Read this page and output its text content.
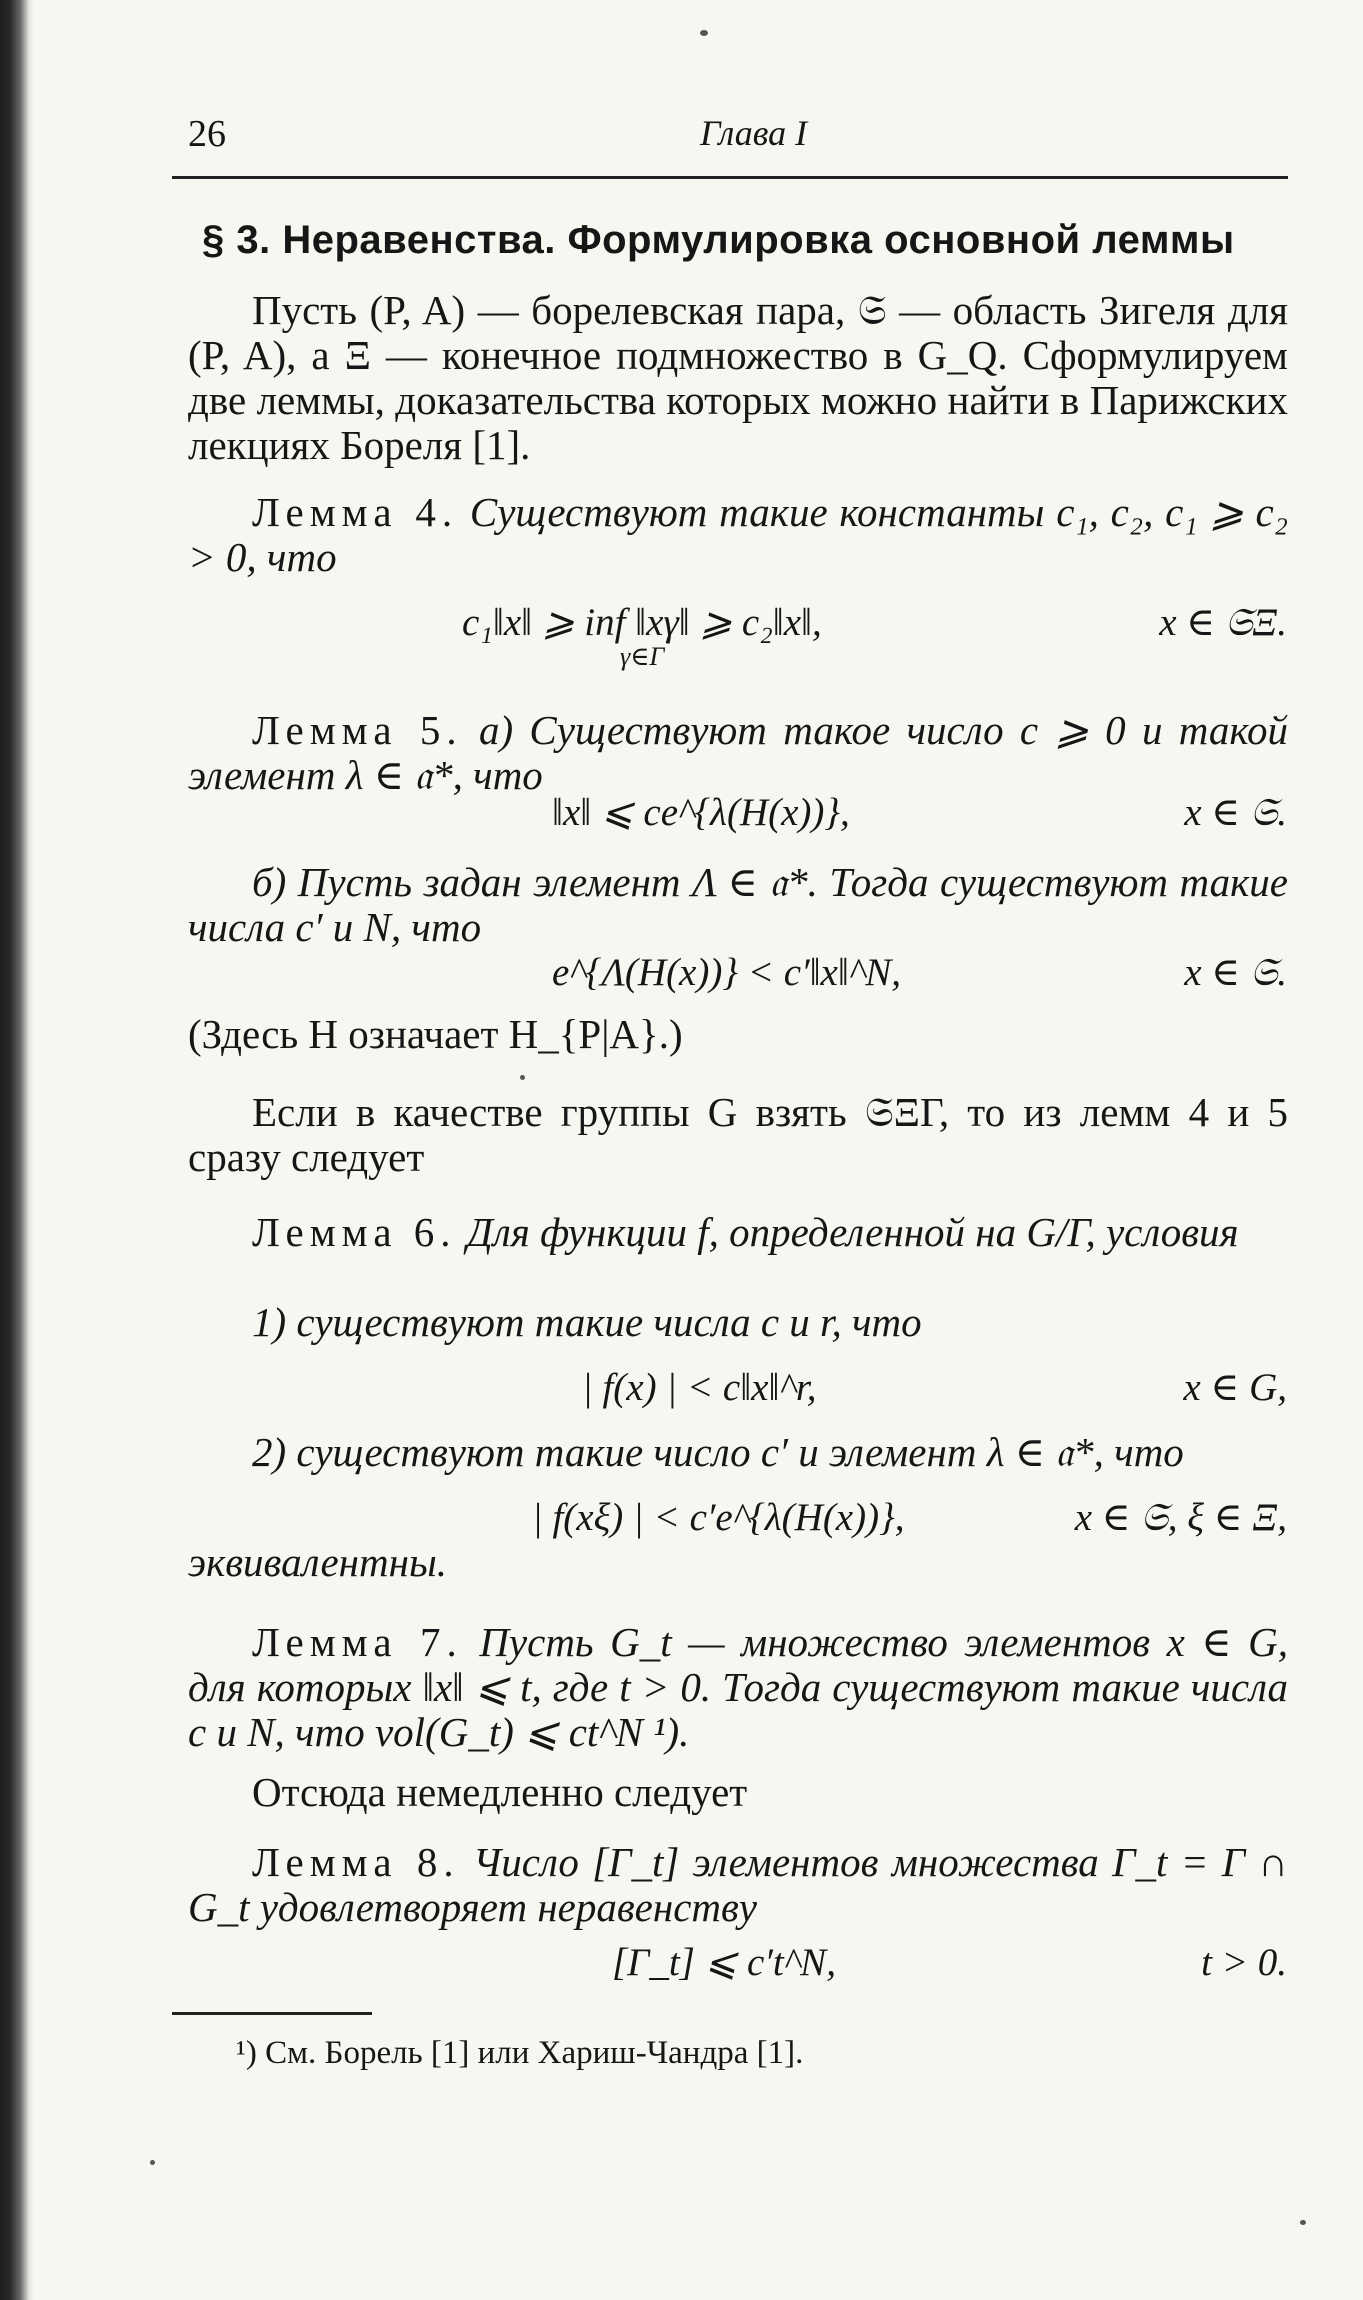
26	Глава I
§ 3. Неравенства. Формулировка основной леммы
Пусть (P, A) — борелевская пара, 𝔖 — область Зигеля для (P, A), а Ξ — конечное подмножество в G_Q. Сформулируем две леммы, доказательства которых можно найти в Парижских лекциях Бореля [1].
Лемма 4. Существуют такие константы c₁, c₂, c₁ ⩾ c₂ > 0, что
c₁‖x‖ ⩾ inf ‖xγ‖ ⩾ c₂‖x‖,
γ∈Γ
x ∈ 𝔖Ξ.
Лемма 5. а) Существуют такое число c ⩾ 0 и такой элемент λ ∈ 𝔞*, что
‖x‖ ⩽ ce^{λ(H(x))},	x ∈ 𝔖.
б) Пусть задан элемент Λ ∈ 𝔞*. Тогда существуют такие числа c′ и N, что
e^{Λ(H(x))} < c′‖x‖^N,	x ∈ 𝔖.
(Здесь H означает H_{P|A}.)
Если в качестве группы G взять 𝔖ΞΓ, то из лемм 4 и 5 сразу следует
Лемма 6. Для функции f, определенной на G/Γ, условия
1) существуют такие числа c и r, что
| f(x) | < c‖x‖^r,	x ∈ G,
2) существуют такие число c′ и элемент λ ∈ 𝔞*, что
| f(xξ) | < c′e^{λ(H(x))},	x ∈ 𝔖, ξ ∈ Ξ,
эквивалентны.
Лемма 7. Пусть G_t — множество элементов x ∈ G, для которых ‖x‖ ⩽ t, где t > 0. Тогда существуют такие числа c и N, что vol(G_t) ⩽ ct^N ¹).
Отсюда немедленно следует
Лемма 8. Число [Γ_t] элементов множества Γ_t = Γ ∩ G_t удовлетворяет неравенству
[Γ_t] ⩽ c′t^N,	t > 0.
¹) См. Борель [1] или Хариш-Чандра [1].
